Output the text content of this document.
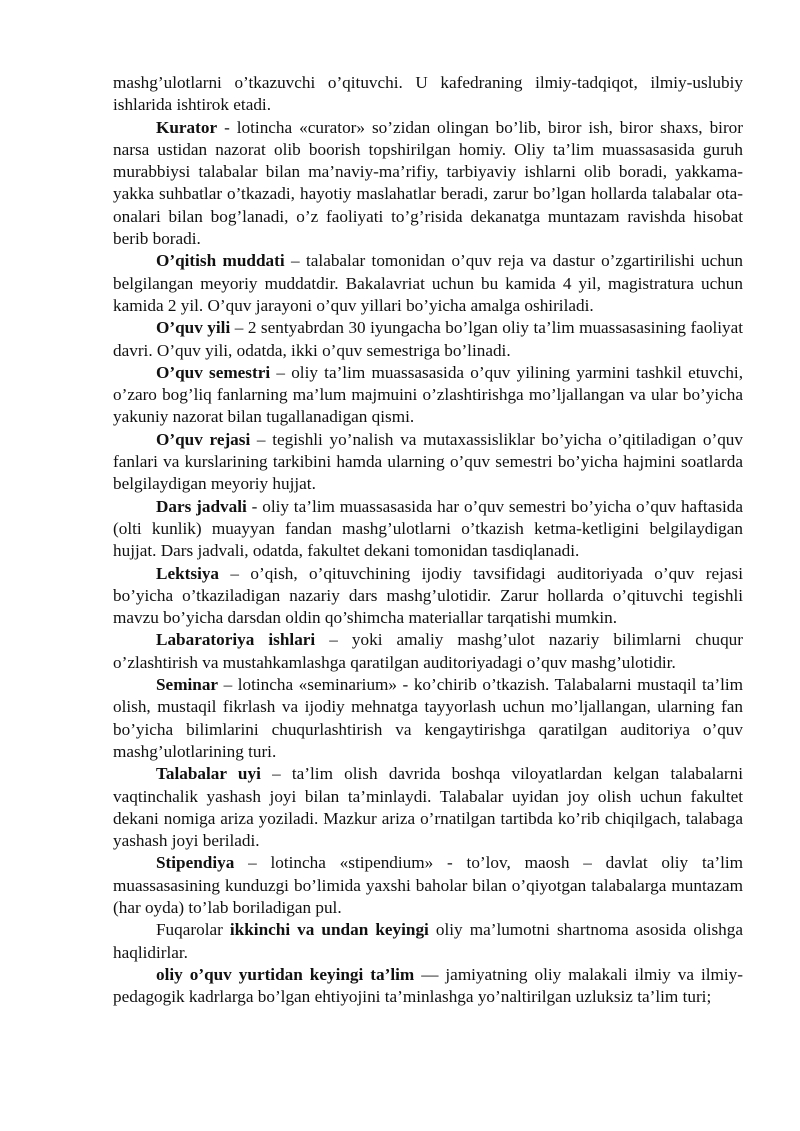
mashg’ulotlarni o’tkazuvchi o’qituvchi. U kafedraning ilmiy-tadqiqot, ilmiy-uslubiy ishlarida ishtirok etadi.

Kurator - lotincha «curator» so’zidan olingan bo’lib, biror ish, biror shaxs, biror narsa ustidan nazorat olib boorish topshirilgan homiy. Oliy ta’lim muassasasida guruh murabbiysi talabalar bilan ma’naviy-ma’rifiy, tarbiyaviy ishlarni olib boradi, yakkama-yakka suhbatlar o’tkazadi, hayotiy maslahatlar beradi, zarur bo’lgan hollarda talabalar ota-onalari bilan bog’lanadi, o’z faoliyati to’g’risida dekanatga muntazam ravishda hisobat berib boradi.

O’qitish muddati – talabalar tomonidan o’quv reja va dastur o’zgartirilishi uchun belgilangan meyoriy muddatdir. Bakalavriat uchun bu kamida 4 yil, magistratura uchun kamida 2 yil. O’quv jarayoni o’quv yillari bo’yicha amalga oshiriladi.

O’quv yili – 2 sentyabrdan 30 iyungacha bo’lgan oliy ta’lim muassasasining faoliyat davri. O’quv yili, odatda, ikki o’quv semestriga bo’linadi.

O’quv semestri – oliy ta’lim muassasasida o’quv yilining yarmini tashkil etuvchi, o’zaro bog’liq fanlarning ma’lum majmuini o’zlashtirishga mo’ljallangan va ular bo’yicha yakuniy nazorat bilan tugallanadigan qismi.

O’quv rejasi – tegishli yo’nalish va mutaxassisliklar bo’yicha o’qitiladigan o’quv fanlari va kurslarining tarkibini hamda ularning o’quv semestri bo’yicha hajmini soatlarda belgilaydigan meyoriy hujjat.

Dars jadvali - oliy ta’lim muassasasida har o’quv semestri bo’yicha o’quv haftasida (olti kunlik) muayyan fandan mashg’ulotlarni o’tkazish ketma-ketligini belgilaydigan hujjat. Dars jadvali, odatda, fakultet dekani tomonidan tasdiqlanadi.

Lektsiya – o’qish, o’qituvchining ijodiy tavsifidagi auditoriyada o’quv rejasi bo’yicha o’tkaziladigan nazariy dars mashg’ulotidir. Zarur hollarda o’qituvchi tegishli mavzu bo’yicha darsdan oldin qo’shimcha materiallar tarqatishi mumkin.

Labaratoriya ishlari – yoki amaliy mashg’ulot nazariy bilimlarni chuqur o’zlashtirish va mustahkamlashga qaratilgan auditoriyadagi o’quv mashg’ulotidir.

Seminar – lotincha «seminarium» - ko’chirib o’tkazish. Talabalarni mustaqil ta’lim olish, mustaqil fikrlash va ijodiy mehnatga tayyorlash uchun mo’ljallangan, ularning fan bo’yicha bilimlarini chuqurlashtirish va kengaytirishga qaratilgan auditoriya o’quv mashg’ulotlarining turi.

Talabalar uyi – ta’lim olish davrida boshqa viloyatlardan kelgan talabalarni vaqtinchalik yashash joyi bilan ta’minlaydi. Talabalar uyidan joy olish uchun fakultet dekani nomiga ariza yoziladi. Mazkur ariza o’rnatilgan tartibda ko’rib chiqilgach, talabaga yashash joyi beriladi.

Stipendiya – lotincha «stipendium» - to’lov, maosh – davlat oliy ta’lim muassasasining kunduzgi bo’limida yaxshi baholar bilan o’qiyotgan talabalarga muntazam (har oyda) to’lab boriladigan pul.

Fuqarolar ikkinchi va undan keyingi oliy ma’lumotni shartnoma asosida olishga haqlidirlar.

oliy o’quv yurtidan keyingi ta’lim — jamiyatning oliy malakali ilmiy va ilmiy-pedagogik kadrlarga bo’lgan ehtiyojini ta’minlashga yo’naltirilgan uzluksiz ta’lim turi;
